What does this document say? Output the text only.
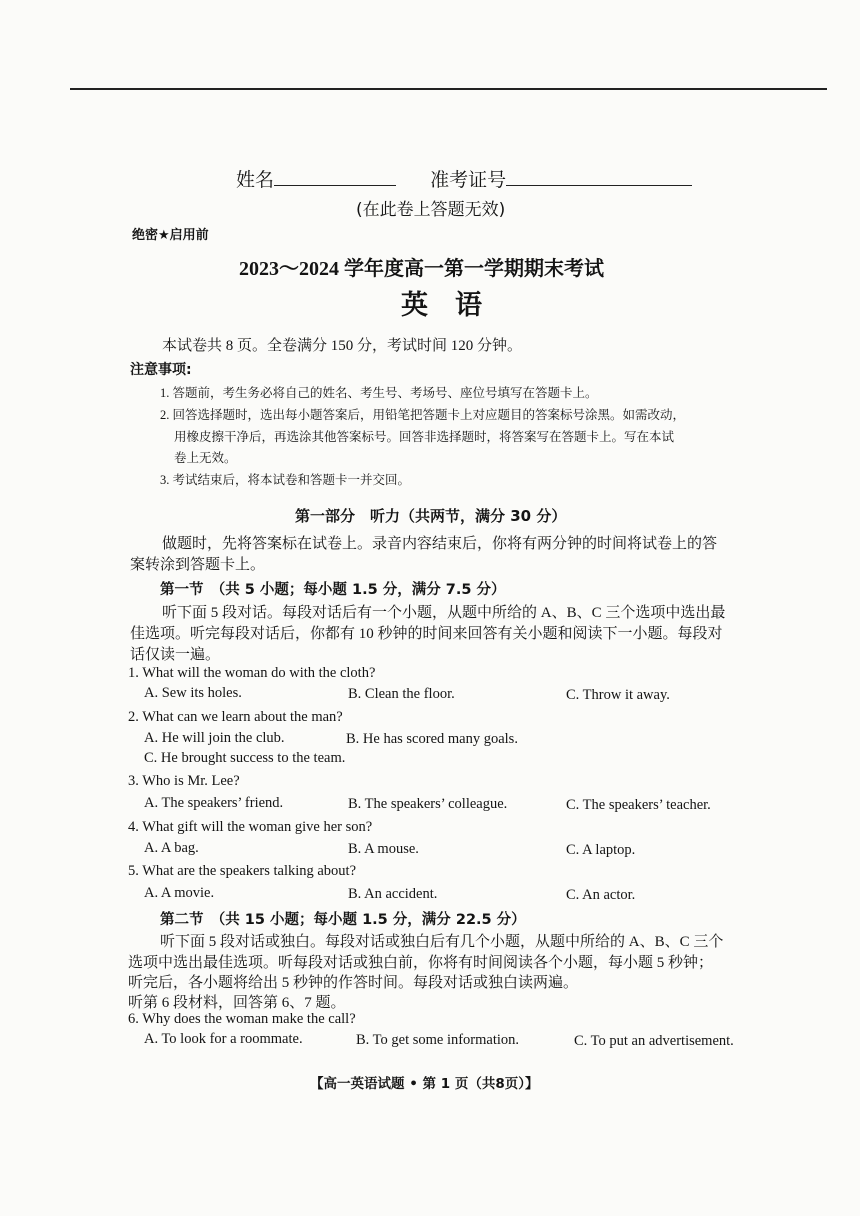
姓名	准考证号
(在此卷上答题无效)
绝密★启用前
2023～2024 学年度高一第一学期期末考试
英　语
本试卷共 8 页。全卷满分 150 分，考试时间 120 分钟。
注意事项:
1. 答题前，考生务必将自己的姓名、考生号、考场号、座位号填写在答题卡上。
2. 回答选择题时，选出每小题答案后，用铅笔把答题卡上对应题目的答案标号涂黑。如需改动，
用橡皮擦干净后，再选涂其他答案标号。回答非选择题时，将答案写在答题卡上。写在本试
卷上无效。
3. 考试结束后，将本试卷和答题卡一并交回。
第一部分　听力（共两节，满分 30 分）
做题时，先将答案标在试卷上。录音内容结束后，你将有两分钟的时间将试卷上的答
案转涂到答题卡上。
第一节　（共 5 小题；每小题 1.5 分，满分 7.5 分）
听下面 5 段对话。每段对话后有一个小题，从题中所给的 A、B、C 三个选项中选出最
佳选项。听完每段对话后，你都有 10 秒钟的时间来回答有关小题和阅读下一小题。每段对
话仅读一遍。
1. What will the woman do with the cloth?
A. Sew its holes.	B. Clean the floor.	C. Throw it away.
2. What can we learn about the man?
A. He will join the club.	B. He has scored many goals.
C. He brought success to the team.
3. Who is Mr. Lee?
A. The speakers’ friend.	B. The speakers’ colleague.	C. The speakers’ teacher.
4. What gift will the woman give her son?
A. A bag.	B. A mouse.	C. A laptop.
5. What are the speakers talking about?
A. A movie.	B. An accident.	C. An actor.
第二节　（共 15 小题；每小题 1.5 分，满分 22.5 分）
听下面 5 段对话或独白。每段对话或独白后有几个小题，从题中所给的 A、B、C 三个
选项中选出最佳选项。听每段对话或独白前，你将有时间阅读各个小题，每小题 5 秒钟；
听完后，各小题将给出 5 秒钟的作答时间。每段对话或独白读两遍。
听第 6 段材料，回答第 6、7 题。
6. Why does the woman make the call?
A. To look for a roommate.	B. To get some information.	C. To put an advertisement.
【高一英语试题 • 第 1 页（共8页）】
